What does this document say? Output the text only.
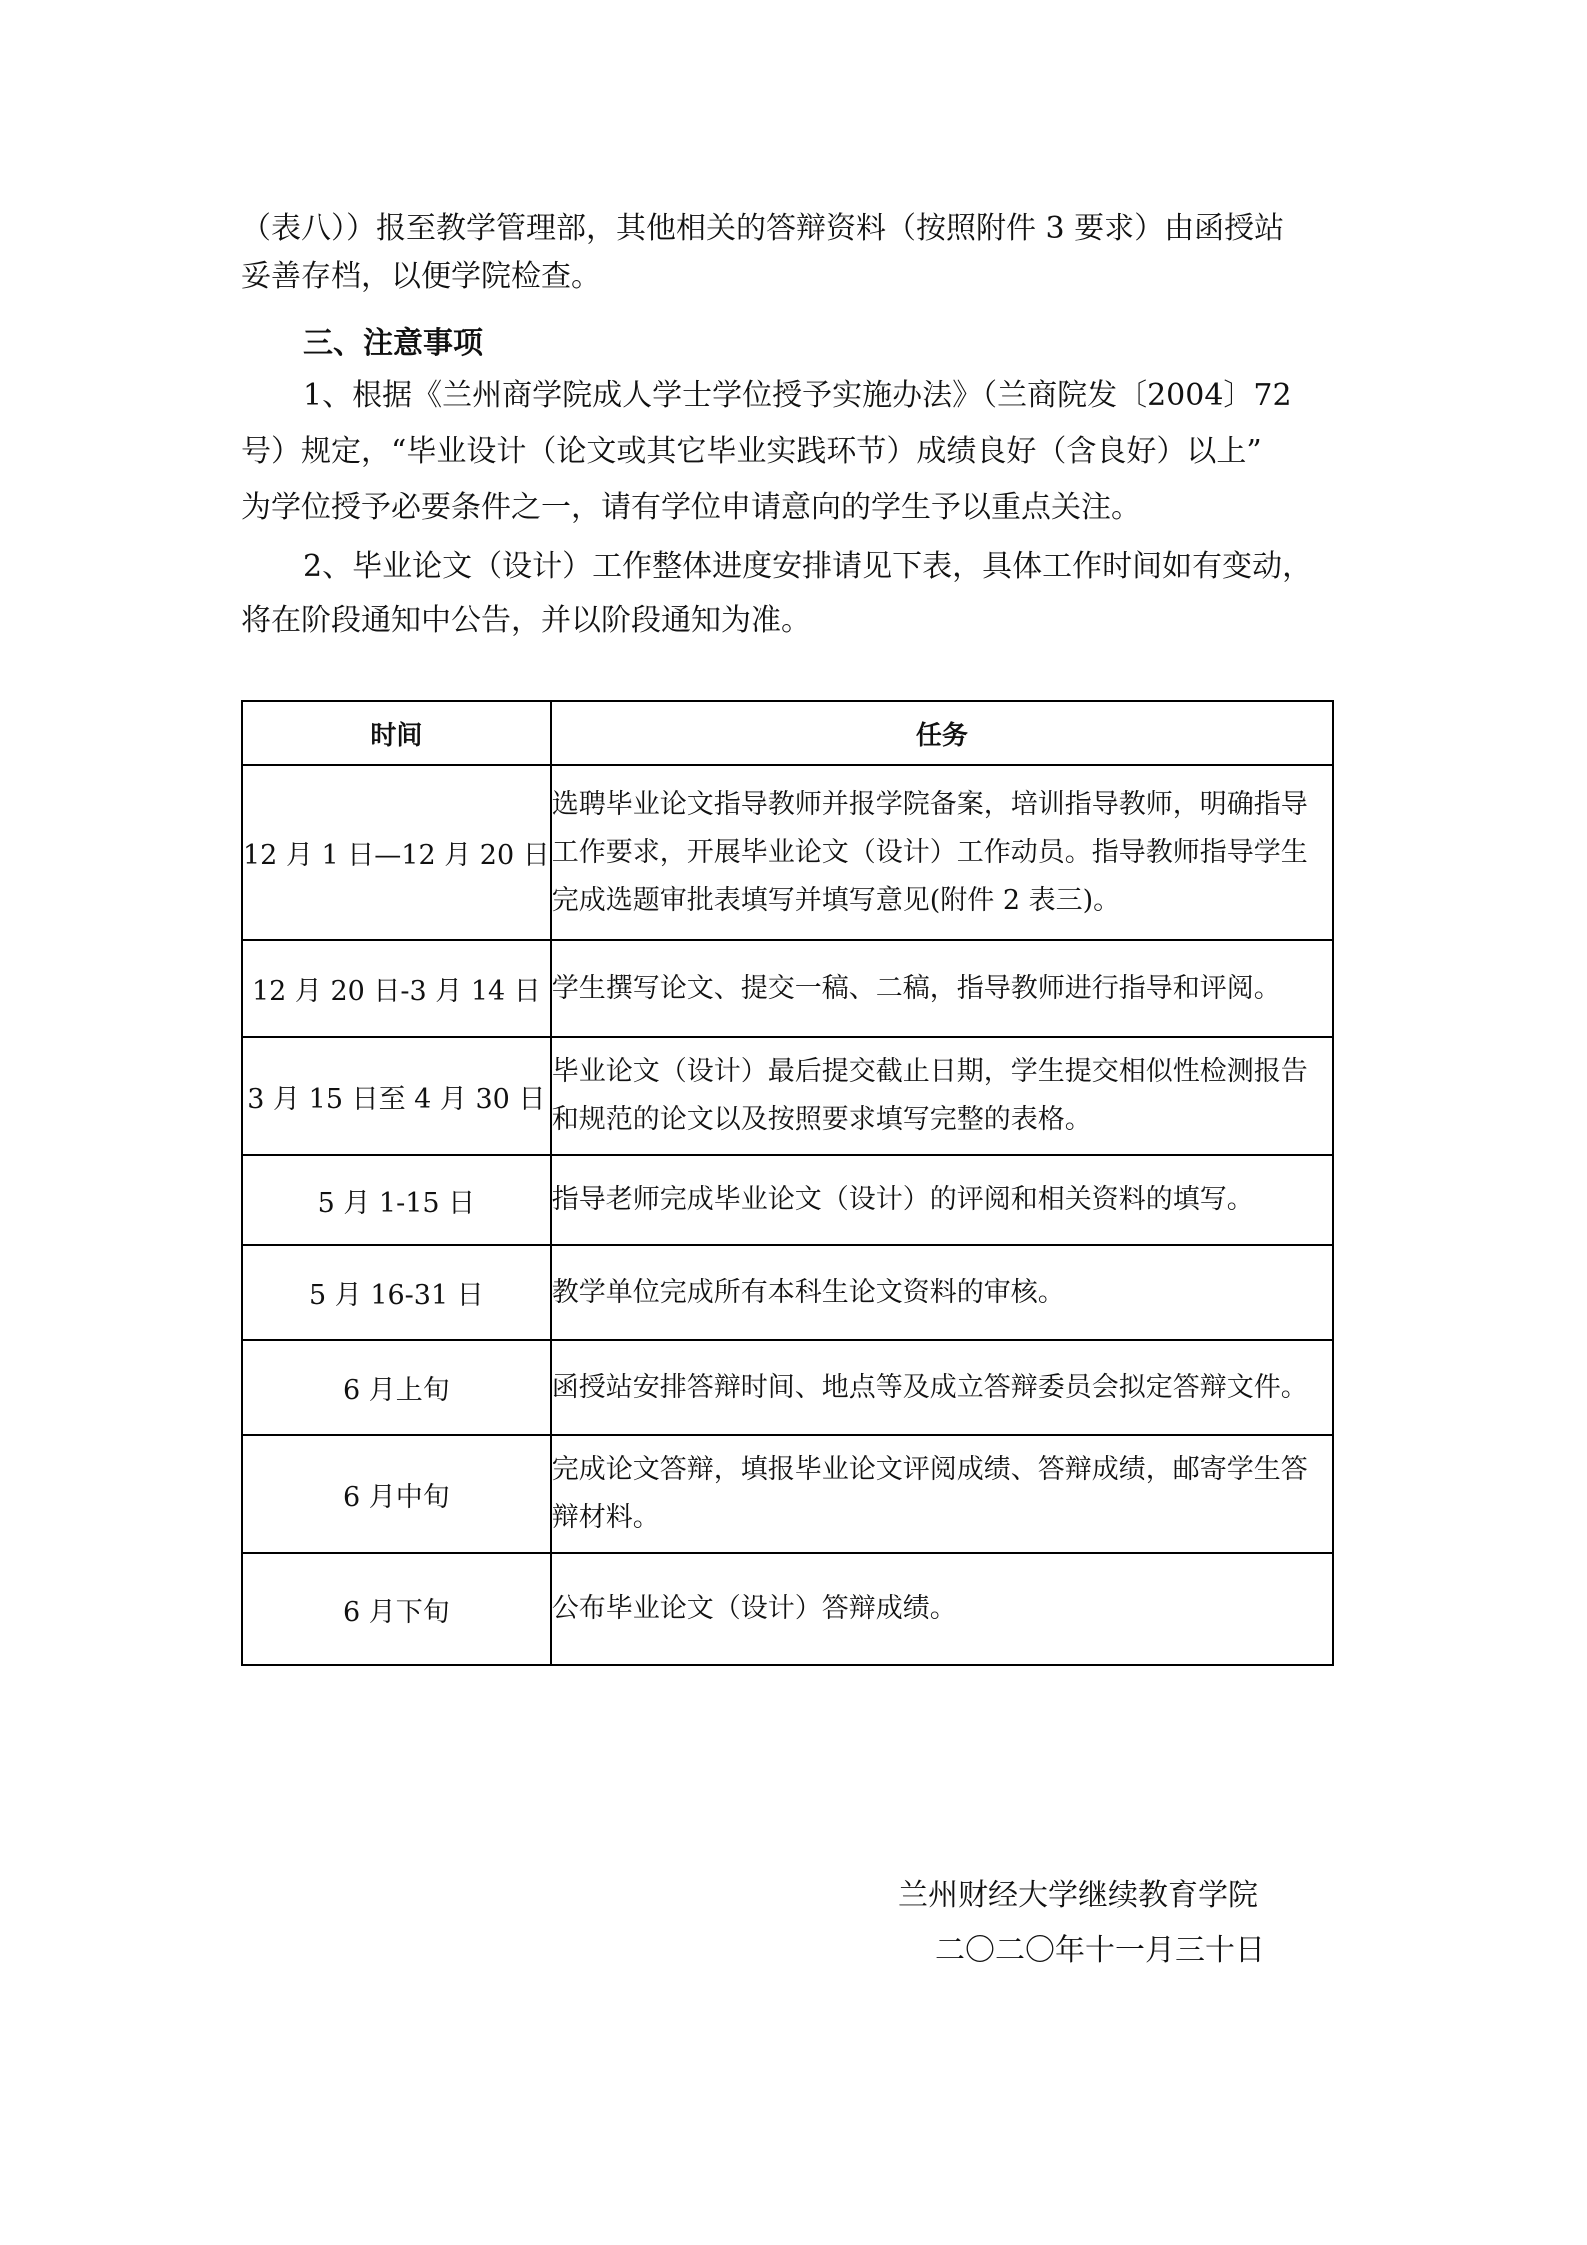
（表八））报至教学管理部，其他相关的答辩资料（按照附件 3 要求）由函授站
妥善存档，以便学院检查。
三、注意事项
1、根据《兰州商学院成人学士学位授予实施办法》（兰商院发〔2004〕72
号）规定，“毕业设计（论文或其它毕业实践环节）成绩良好（含良好）以上”
为学位授予必要条件之一，请有学位申请意向的学生予以重点关注。
2、毕业论文（设计）工作整体进度安排请见下表，具体工作时间如有变动，
将在阶段通知中公告，并以阶段通知为准。
时间	任务
12 月 1 日—12 月 20 日	选聘毕业论文指导教师并报学院备案，培训指导教师，明确指导工作要求，开展毕业论文（设计）工作动员。指导教师指导学生完成选题审批表填写并填写意见(附件 2 表三)。
12 月 20 日-3 月 14 日	学生撰写论文、提交一稿、二稿，指导教师进行指导和评阅。
3 月 15 日至 4 月 30 日	毕业论文（设计）最后提交截止日期，学生提交相似性检测报告和规范的论文以及按照要求填写完整的表格。
5 月 1-15 日	指导老师完成毕业论文（设计）的评阅和相关资料的填写。
5 月 16-31 日	教学单位完成所有本科生论文资料的审核。
6 月上旬	函授站安排答辩时间、地点等及成立答辩委员会拟定答辩文件。
6 月中旬	完成论文答辩，填报毕业论文评阅成绩、答辩成绩，邮寄学生答辩材料。
6 月下旬	公布毕业论文（设计）答辩成绩。

兰州财经大学继续教育学院

二〇二〇年十一月三十日
